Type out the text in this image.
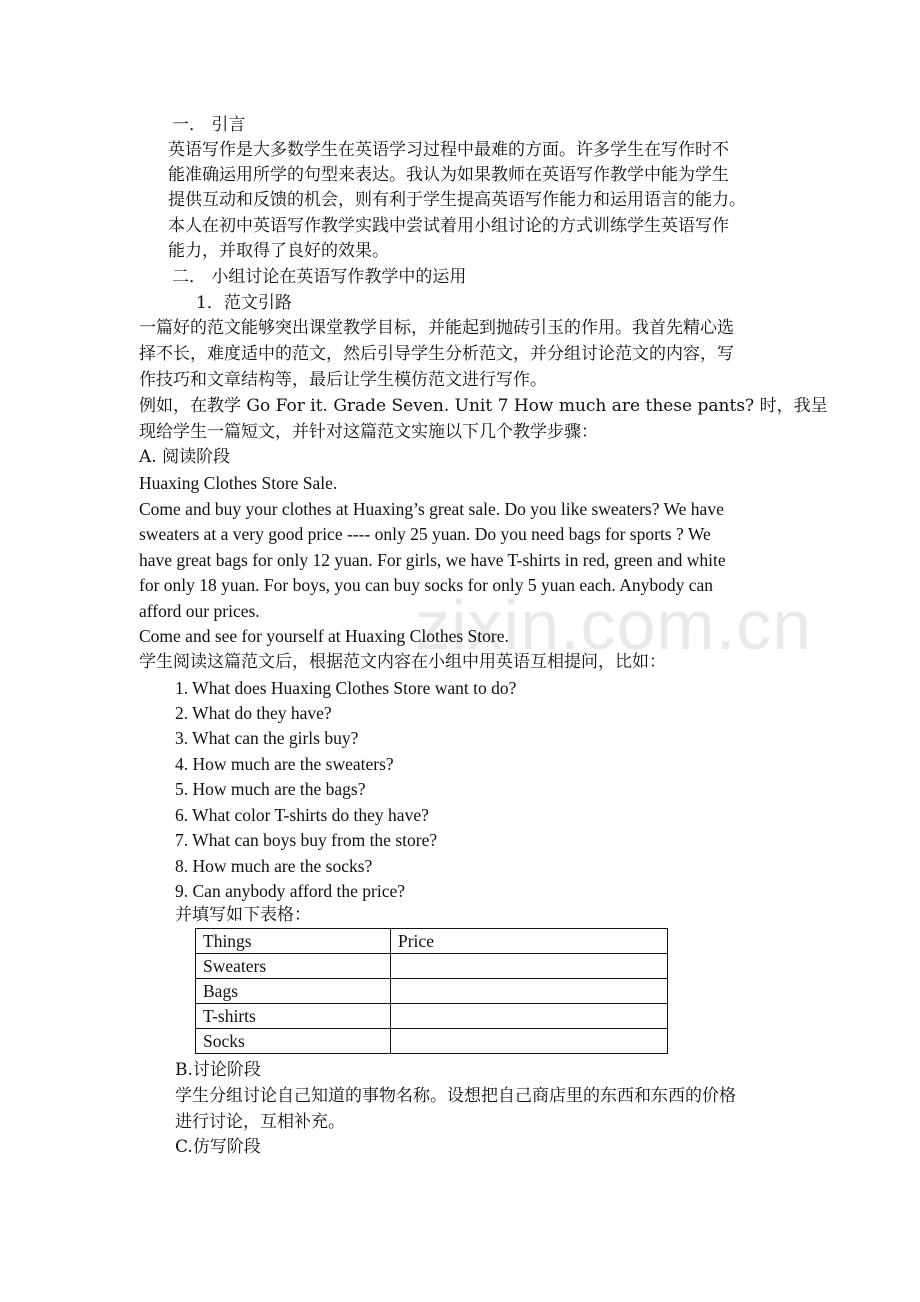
zixin.com.cn

一． 引言

英语写作是大多数学生在英语学习过程中最难的方面。许多学生在写作时不

能准确运用所学的句型来表达。我认为如果教师在英语写作教学中能为学生

提供互动和反馈的机会，则有利于学生提高英语写作能力和运用语言的能力。

本人在初中英语写作教学实践中尝试着用小组讨论的方式训练学生英语写作

能力，并取得了良好的效果。

二． 小组讨论在英语写作教学中的运用

1．范文引路

一篇好的范文能够突出课堂教学目标，并能起到抛砖引玉的作用。我首先精心选

择不长，难度适中的范文，然后引导学生分析范文，并分组讨论范文的内容，写

作技巧和文章结构等，最后让学生模仿范文进行写作。

例如，在教学 Go For it. Grade Seven. Unit 7 How much are these pants? 时，我呈

现给学生一篇短文，并针对这篇范文实施以下几个教学步骤：

A. 阅读阶段

Huaxing Clothes Store Sale.

Come and buy your clothes at Huaxing’s great sale. Do you like sweaters? We have

sweaters at a very good price ---- only 25 yuan. Do you need bags for sports ? We

have great bags for only 12 yuan. For girls, we have T-shirts in red, green and white

for only 18 yuan. For boys, you can buy socks for only 5 yuan each. Anybody can

afford our prices.

Come and see for yourself at Huaxing Clothes Store.

学生阅读这篇范文后，根据范文内容在小组中用英语互相提问，比如：

1. What does Huaxing Clothes Store want to do?

2. What do they have?

3. What can the girls buy?

4. How much are the sweaters?

5. How much are the bags?

6. What color T-shirts do they have?

7. What can boys buy from the store?

8. How much are the socks?

9. Can anybody afford the price?

并填写如下表格：

Things	Price
Sweaters	
Bags	
T-shirts	
Socks	

B.讨论阶段

学生分组讨论自己知道的事物名称。设想把自己商店里的东西和东西的价格

进行讨论，互相补充。

C.仿写阶段
